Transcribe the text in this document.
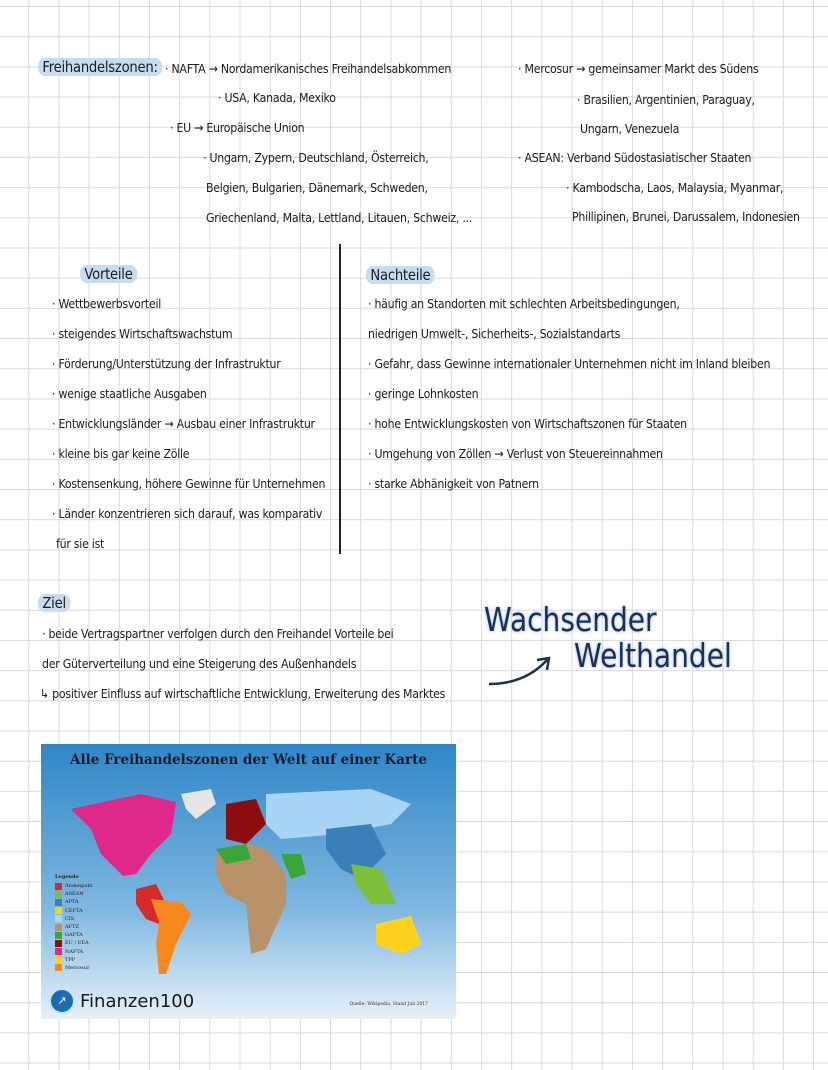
Freihandelszonen: · NAFTA → Nordamerikanisches Freihandelsabkommen
· USA, Kanada, Mexiko
· EU → Europäische Union
· Ungarn, Zypern, Deutschland, Österreich,
Belgien, Bulgarien, Dänemark, Schweden,
Griechenland, Malta, Lettland, Litauen, Schweiz, ...
· Mercosur → gemeinsamer Markt des Südens
· Brasilien, Argentinien, Paraguay,
Ungarn, Venezuela
· ASEAN: Verband Südostasiatischer Staaten
· Kambodscha, Laos, Malaysia, Myanmar,
Phillipinen, Brunei, Darussalem, Indonesien
Vorteile
· Wettbewerbsvorteil
· steigendes Wirtschaftswachstum
· Förderung/Unterstützung der Infrastruktur
· wenige staatliche Ausgaben
· Entwicklungsländer → Ausbau einer Infrastruktur
· kleine bis gar keine Zölle
· Kostensenkung, höhere Gewinne für Unternehmen
· Länder konzentrieren sich darauf, was komparativ
für sie ist
Nachteile
· häufig an Standorten mit schlechten Arbeitsbedingungen,
niedrigen Umwelt-, Sicherheits-, Sozialstandarts
· Gefahr, dass Gewinne internationaler Unternehmen nicht im Inland bleiben
· geringe Lohnkosten
· hohe Entwicklungskosten von Wirtschaftszonen für Staaten
· Umgehung von Zöllen → Verlust von Steuereinnahmen
· starke Abhänigkeit von Patnern
Ziel
· beide Vertragspartner verfolgen durch den Freihandel Vorteile bei
der Güterverteilung und eine Steigerung des Außenhandels
↳ positiver Einfluss auf wirtschaftliche Entwicklung, Erweiterung des Marktes
Wachsender
Welthandel
Alle Freihandelszonen der Welt auf einer Karte
Legende
Andenpakt
ASEAN
APTA
CEFTA
CIS
AFTZ
GAFTA
EU / EEA
NAFTA
TPP
Mercosur
↗ Finanzen100	Quelle: Wikipedia, Stand Juli 2017
